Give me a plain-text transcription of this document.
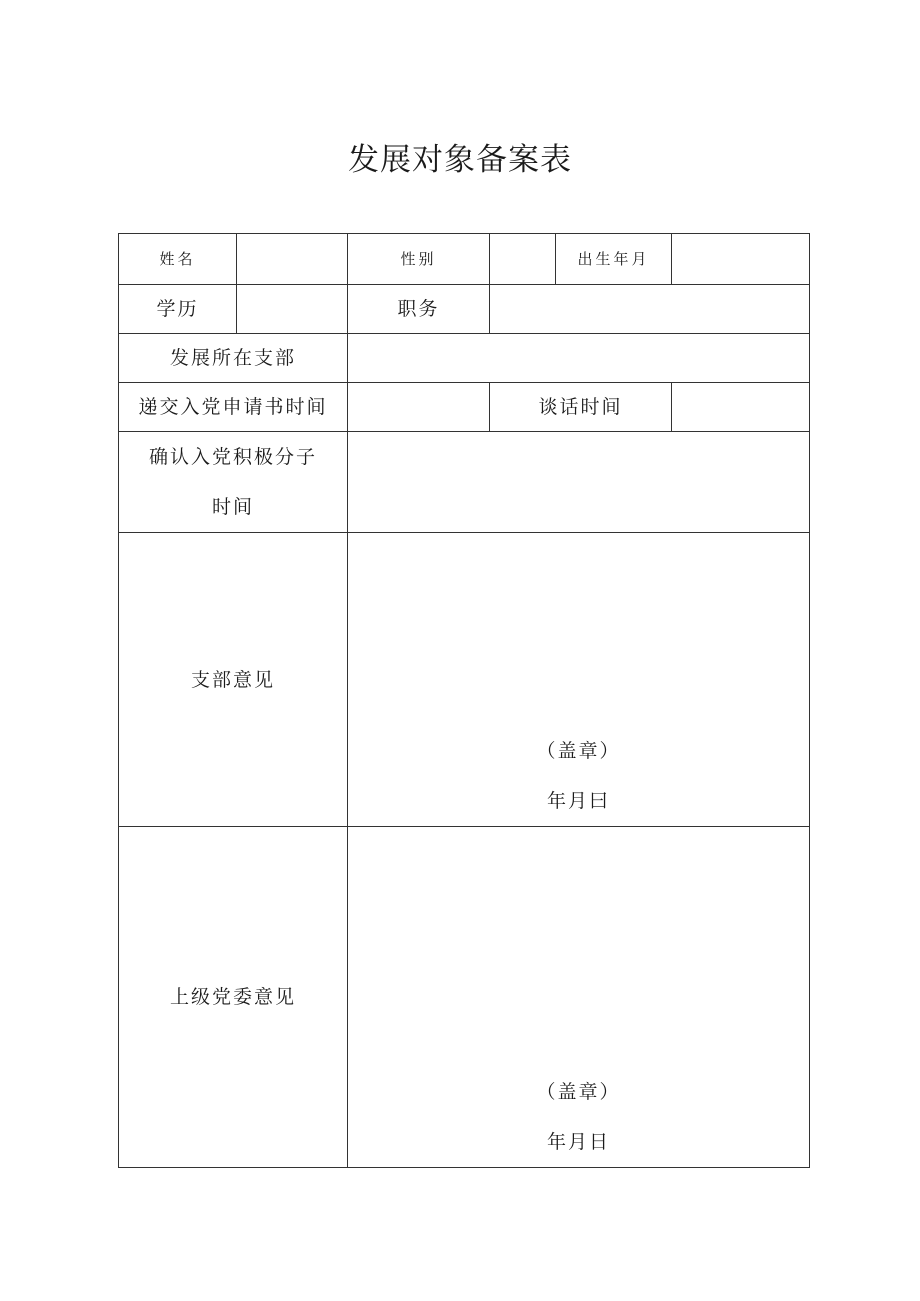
发展对象备案表
姓名		性别		出生年月	
学历		职务			
发展所在支部					
递交入党申请书时间			谈话时间		

确认入党积极分子
时间					

支部意见		（盖章）
年月曰			

上级党委意见		（盖章）
年月日			
